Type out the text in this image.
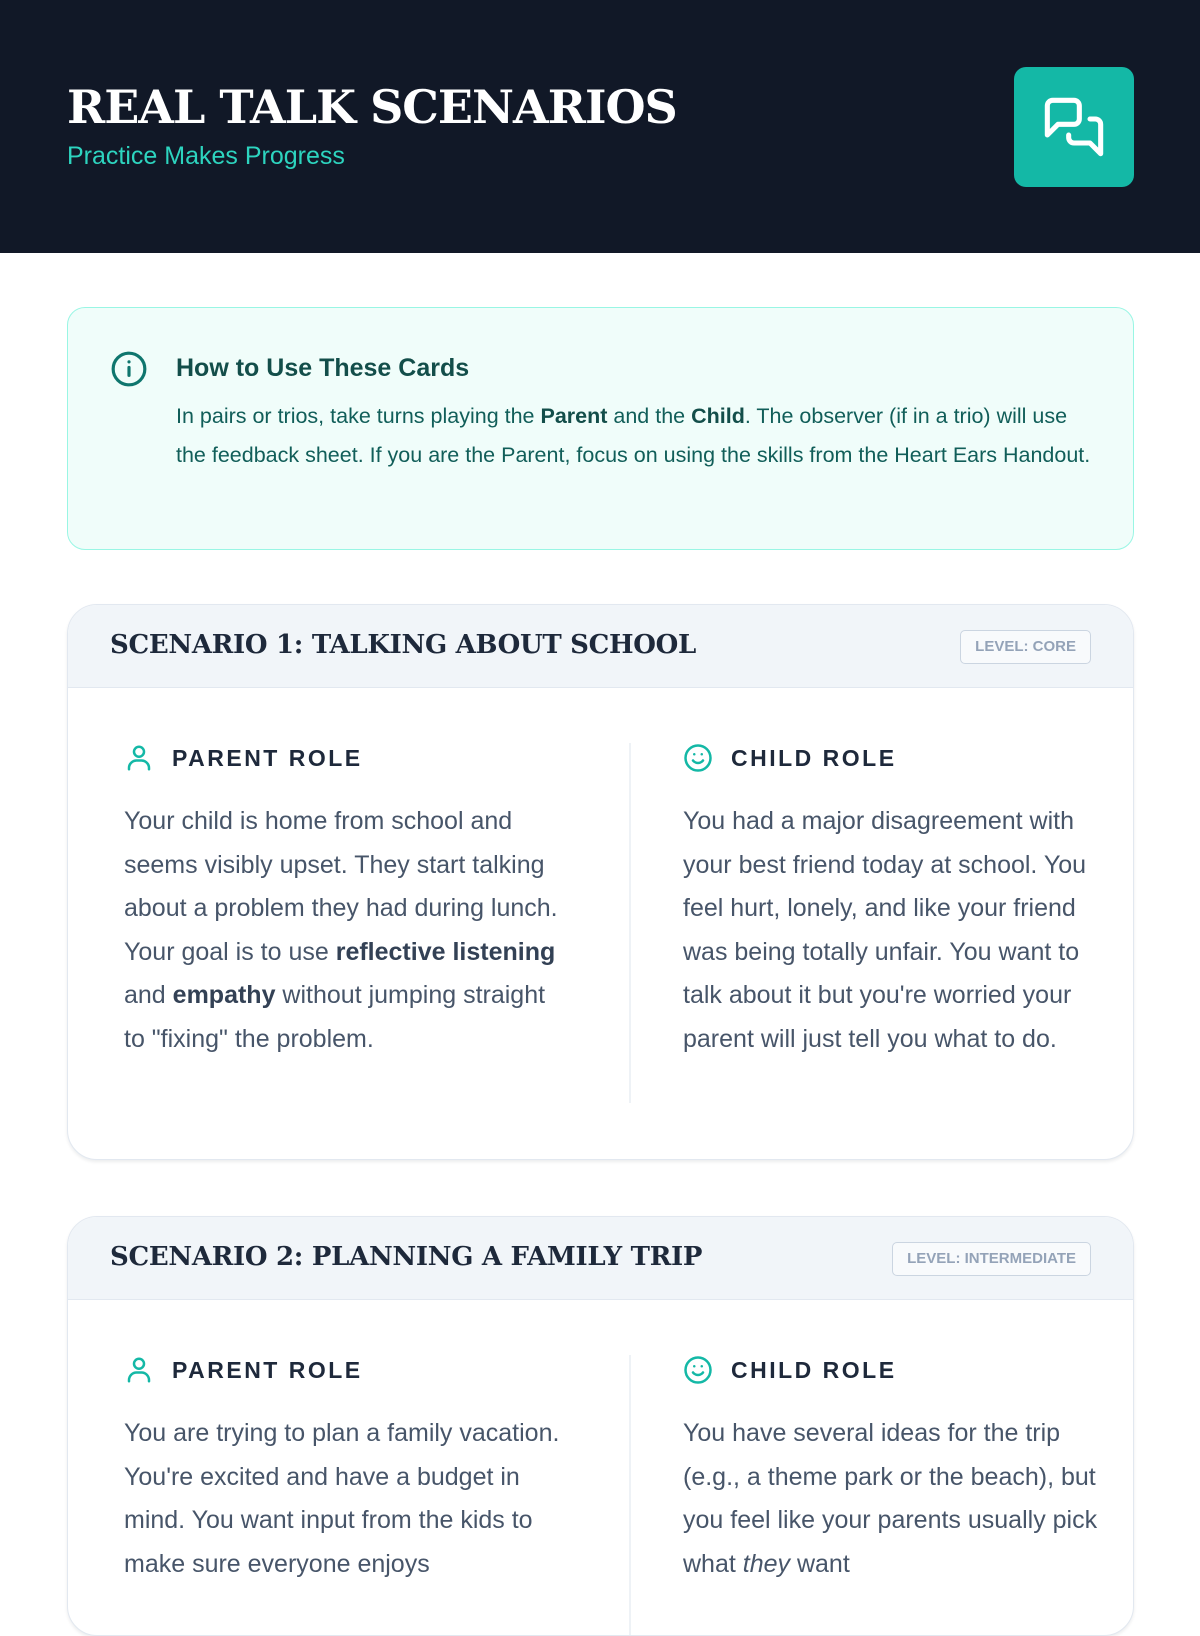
REAL TALK SCENARIOS
Practice Makes Progress
How to Use These Cards
In pairs or trios, take turns playing the Parent and the Child. The observer (if in a trio) will use the feedback sheet. If you are the Parent, focus on using the skills from the Heart Ears Handout.
SCENARIO 1: TALKING ABOUT SCHOOL	LEVEL: CORE
PARENT ROLE
Your child is home from school and seems visibly upset. They start talking about a problem they had during lunch. Your goal is to use reflective listening and empathy without jumping straight to "fixing" the problem.
CHILD ROLE
You had a major disagreement with your best friend today at school. You feel hurt, lonely, and like your friend was being totally unfair. You want to talk about it but you're worried your parent will just tell you what to do.
SCENARIO 2: PLANNING A FAMILY TRIP	LEVEL: INTERMEDIATE
PARENT ROLE
You are trying to plan a family vacation. You're excited and have a budget in mind. You want input from the kids to make sure everyone enjoys
CHILD ROLE
You have several ideas for the trip (e.g., a theme park or the beach), but you feel like your parents usually pick what they want
